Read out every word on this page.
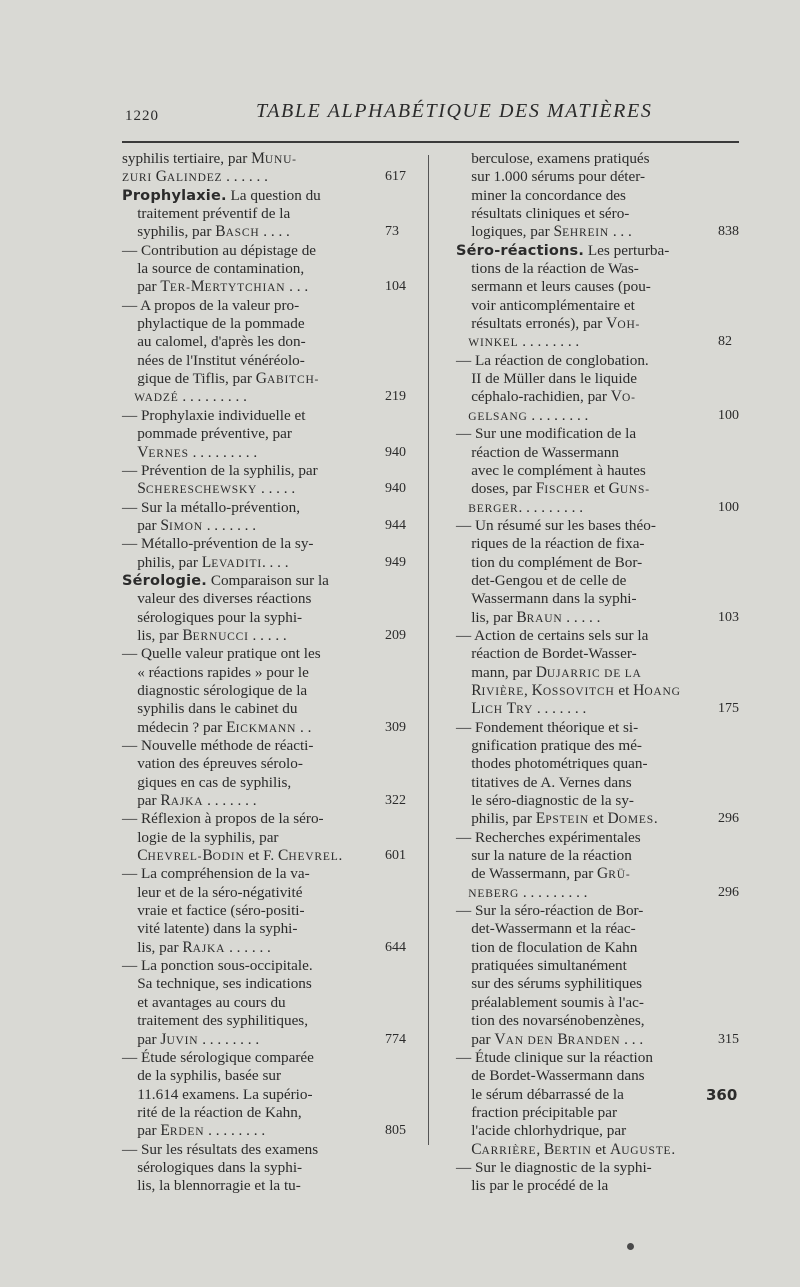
1220	TABLE ALPHABÉTIQUE DES MATIÈRES
syphilis tertiaire, par MUNU-
ZURI GALINDEZ . . . . . .	617
Prophylaxie. La question du
 traitement préventif de la
 syphilis, par BASCH . . . .	73
— Contribution au dépistage de
 la source de contamination,
 par TER-MERTYTCHIAN . . .	104
— A propos de la valeur pro-
 phylactique de la pommade
 au calomel, d'après les don-
 nées de l'Institut vénéréolo-
 gique de Tiflis, par GABITCH-
 WADZÉ . . . . . . . . .	219
— Prophylaxie individuelle et
 pommade préventive, par
 VERNES . . . . . . . . .	940
— Prévention de la syphilis, par
 SCHERESCHEWSKY . . . . .	940
— Sur la métallo-prévention,
 par SIMON . . . . . . .	944
— Métallo-prévention de la sy-
 philis, par LEVADITI. . . .	949
Sérologie. Comparaison sur la
 valeur des diverses réactions
 sérologiques pour la syphi-
 lis, par BERNUCCI . . . . .	209
— Quelle valeur pratique ont les
 « réactions rapides » pour le
 diagnostic sérologique de la
 syphilis dans le cabinet du
 médecin ? par EICKMANN . .	309
— Nouvelle méthode de réacti-
 vation des épreuves sérolo-
 giques en cas de syphilis,
 par RAJKA . . . . . . .	322
— Réflexion à propos de la séro-
 logie de la syphilis, par
 CHEVREL-BODIN et F. CHEVREL.	601
— La compréhension de la va-
 leur et de la séro-négativité
 vraie et factice (séro-positi-
 vité latente) dans la syphi-
 lis, par RAJKA . . . . . .	644
— La ponction sous-occipitale.
 Sa technique, ses indications
 et avantages au cours du
 traitement des syphilitiques,
 par JUVIN . . . . . . . .	774
— Étude sérologique comparée
 de la syphilis, basée sur
 11.614 examens. La supério-
 rité de la réaction de Kahn,
 par ERDEN . . . . . . . .	805
— Sur les résultats des examens
 sérologiques dans la syphi-
 lis, la blennorragie et la tu-
 berculose, examens pratiqués
 sur 1.000 sérums pour déter-
 miner la concordance des
 résultats cliniques et séro-
 logiques, par SEHREIN . . .	838
Séro-réactions. Les perturba-
 tions de la réaction de Was-
 sermann et leurs causes (pou-
 voir anticomplémentaire et
 résultats erronés), par VOH-
 WINKEL . . . . . . . .	82
— La réaction de conglobation.
 II de Müller dans le liquide
 céphalo-rachidien, par VO-
 GELSANG . . . . . . . .	100
— Sur une modification de la
 réaction de Wassermann
 avec le complément à hautes
 doses, par FISCHER et GUNS-
 BERGER. . . . . . . . .	100
— Un résumé sur les bases théo-
 riques de la réaction de fixa-
 tion du complément de Bor-
 det-Gengou et de celle de
 Wassermann dans la syphi-
 lis, par BRAUN . . . . .	103
— Action de certains sels sur la
 réaction de Bordet-Wasser-
 mann, par DUJARRIC DE LA
 RIVIÈRE, KOSSOVITCH et HOANG
 LICH TRY . . . . . . .	175
— Fondement théorique et si-
 gnification pratique des mé-
 thodes photométriques quan-
 titatives de A. Vernes dans
 le séro-diagnostic de la sy-
 philis, par EPSTEIN et DOMES.	296
— Recherches expérimentales
 sur la nature de la réaction
 de Wassermann, par GRÜ-
 NEBERG . . . . . . . . .	296
— Sur la séro-réaction de Bor-
 det-Wassermann et la réac-
 tion de floculation de Kahn
 pratiquées simultanément
 sur des sérums syphilitiques
 préalablement soumis à l'ac-
 tion des novarsénobenzènes,
 par VAN DEN BRANDEN . . .	315
— Étude clinique sur la réaction
 de Bordet-Wassermann dans
 le sérum débarrassé de la
 fraction précipitable par
 l'acide chlorhydrique, par
 CARRIÈRE, BERTIN et AUGUSTE.
— Sur le diagnostic de la syphi-
 lis par le procédé de la
360
